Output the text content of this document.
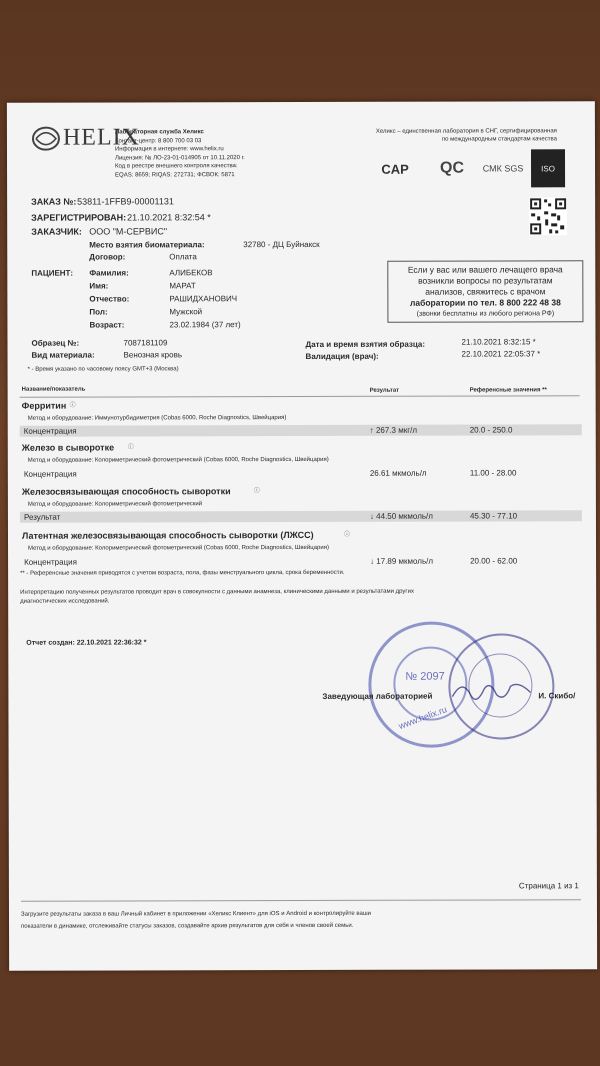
HELIX
Лабораторная служба Хеликс
Контакт-центр: 8 800 700 03 03
Информация в интернете: www.helix.ru
Лицензия: № ЛО-23-01-014905 от 10.11.2020 г.
Код в реестре внешнего контроля качества:
EQAS: 8659; RIQAS: 272731; ФСВОК: 5871
Хеликс – единственная лаборатория в СНГ, сертифицированная
по международным стандартам качества
CAP QC СМК SGS ISO
ЗАКАЗ №: 53811-1FFB9-00001131
ЗАРЕГИСТРИРОВАН: 21.10.2021 8:32:54 *
ЗАКАЗЧИК: ООО "М-СЕРВИС"
Место взятия биоматериала:	32780 - ДЦ Буйнакск
Договор:	Оплата
ПАЦИЕНТ: Фамилия:	АЛИБЕКОВ
Имя:	МАРАТ
Отчество:	РАШИДХАНОВИЧ
Пол:	Мужской
Возраст:	23.02.1984 (37 лет)
Если у вас или вашего лечащего врача
возникли вопросы по результатам
анализов, свяжитесь с врачом
лаборатории по тел. 8 800 222 48 38
(звонки бесплатны из любого региона РФ)
Образец №:	7087181109
Вид материала:	Венозная кровь
Дата и время взятия образца:	21.10.2021 8:32:15 *
Валидация (врач):	22.10.2021 22:05:37 *
* - Время указано по часовому поясу GMT+3 (Москва)
Название/показатель	Результат	Референсные значения **
Ферритин ⓘ
Метод и оборудование: Иммунотурбидиметрия (Cobas 6000, Roche Diagnostics, Швейцария)
Концентрация	↑ 267.3 мкг/л	20.0 - 250.0
Железо в сыворотке ⓘ
Метод и оборудование: Колориметрический фотометрический (Cobas 6000, Roche Diagnostics, Швейцария)
Концентрация	26.61 мкмоль/л	11.00 - 28.00
Железосвязывающая способность сыворотки	ⓘ
Метод и оборудование: Колориметрический фотометрический
Результат	↓ 44.50 мкмоль/л	45.30 - 77.10
Латентная железосвязывающая способность сыворотки (ЛЖСС)	ⓘ
Метод и оборудование: Колориметрический фотометрический (Cobas 6000, Roche Diagnostics, Швейцария)
Концентрация	↓ 17.89 мкмоль/л	20.00 - 62.00
** - Референсные значения приводятся с учетом возраста, пола, фазы менструального цикла, срока беременности.
Интерпретацию полученных результатов проводит врач в совокупности с данными анамнеза, клиническими данными и результатами других
диагностических исследований.
Отчет создан: 22.10.2021 22:36:32 *
№ 2097
www.helix.ru
Заведующая лабораторией	И. Скибо/
Страница 1 из 1
Загрузите результаты заказа в ваш Личный кабинет в приложении «Хеликс Клиент» для iOS и Android и контролируйте ваши
показатели в динамике, отслеживайте статусы заказов, создавайте архив результатов для себя и членов своей семьи.
